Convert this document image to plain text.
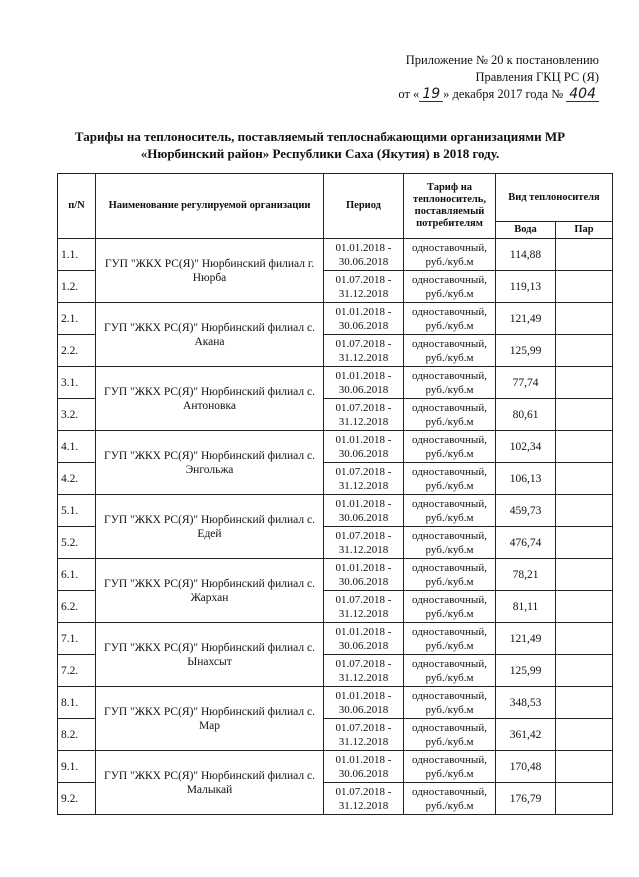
Приложение № 20 к постановлению
Правления ГКЦ РС (Я)
от « 19 » декабря 2017 года № 404
Тарифы на теплоноситель, поставляемый теплоснабжающими организациями МР «Нюрбинский район» Республики Саха (Якутия) в 2018 году.
п/N	Наименование регулируемой организации	Период	Тариф на теплоноситель, поставляемый потребителям	Вид теплоносителя	
				Вода	Пар
1.1.	ГУП "ЖКХ РС(Я)" Нюрбинский филиал г. Нюрба	01.01.2018 - 30.06.2018	одноставочный, руб./куб.м	114,88	
1.2.		01.07.2018 - 31.12.2018	одноставочный, руб./куб.м	119,13	
2.1.	ГУП "ЖКХ РС(Я)" Нюрбинский филиал с. Акана	01.01.2018 - 30.06.2018	одноставочный, руб./куб.м	121,49	
2.2.		01.07.2018 - 31.12.2018	одноставочный, руб./куб.м	125,99	
3.1.	ГУП "ЖКХ РС(Я)" Нюрбинский филиал с. Антоновка	01.01.2018 - 30.06.2018	одноставочный, руб./куб.м	77,74	
3.2.		01.07.2018 - 31.12.2018	одноставочный, руб./куб.м	80,61	
4.1.	ГУП "ЖКХ РС(Я)" Нюрбинский филиал с. Энгольжа	01.01.2018 - 30.06.2018	одноставочный, руб./куб.м	102,34	
4.2.		01.07.2018 - 31.12.2018	одноставочный, руб./куб.м	106,13	
5.1.	ГУП "ЖКХ РС(Я)" Нюрбинский филиал с. Едей	01.01.2018 - 30.06.2018	одноставочный, руб./куб.м	459,73	
5.2.		01.07.2018 - 31.12.2018	одноставочный, руб./куб.м	476,74	
6.1.	ГУП "ЖКХ РС(Я)" Нюрбинский филиал с. Жархан	01.01.2018 - 30.06.2018	одноставочный, руб./куб.м	78,21	
6.2.		01.07.2018 - 31.12.2018	одноставочный, руб./куб.м	81,11	
7.1.	ГУП "ЖКХ РС(Я)" Нюрбинский филиал с. Ынахсыт	01.01.2018 - 30.06.2018	одноставочный, руб./куб.м	121,49	
7.2.		01.07.2018 - 31.12.2018	одноставочный, руб./куб.м	125,99	
8.1.	ГУП "ЖКХ РС(Я)" Нюрбинский филиал с. Мар	01.01.2018 - 30.06.2018	одноставочный, руб./куб.м	348,53	
8.2.		01.07.2018 - 31.12.2018	одноставочный, руб./куб.м	361,42	
9.1.	ГУП "ЖКХ РС(Я)" Нюрбинский филиал с. Малыкай	01.01.2018 - 30.06.2018	одноставочный, руб./куб.м	170,48	
9.2.		01.07.2018 - 31.12.2018	одноставочный, руб./куб.м	176,79	
